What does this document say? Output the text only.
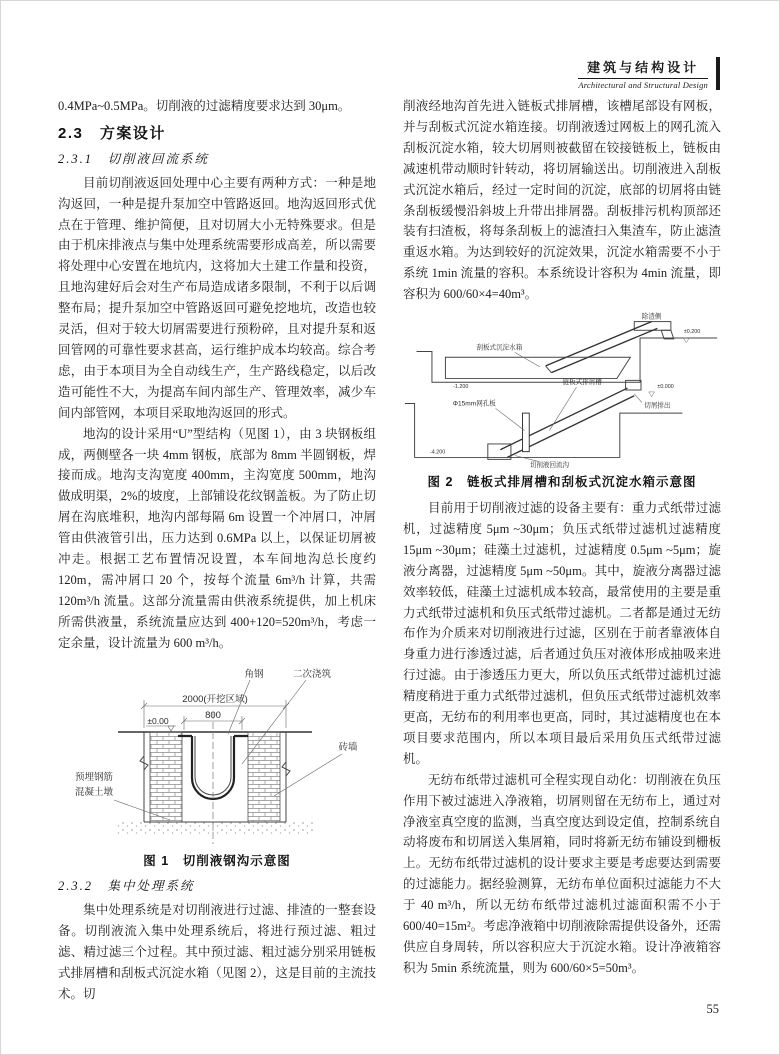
建筑与结构设计
Architectural and Structural Design

0.4MPa~0.5MPa。切削液的过滤精度要求达到 30μm。

2.3　方案设计
2.3.1　切削液回流系统

目前切削液返回处理中心主要有两种方式：一种是地沟返回，一种是提升泵加空中管路返回。地沟返回形式优点在于管理、维护简便，且对切屑大小无特殊要求。但是由于机床排液点与集中处理系统需要形成高差，所以需要将处理中心安置在地坑内，这将加大土建工作量和投资，且地沟建好后会对生产布局造成诸多限制，不利于以后调整布局；提升泵加空中管路返回可避免挖地坑，改造也较灵活，但对于较大切屑需要进行预粉碎，且对提升泵和返回管网的可靠性要求甚高，运行维护成本均较高。综合考虑，由于本项目为全自动线生产，生产路线稳定，以后改造可能性不大，为提高车间内部生产、管理效率，减少车间内部管网，本项目采取地沟返回的形式。

地沟的设计采用“U”型结构（见图 1），由 3 块钢板组成，两侧壁各一块 4mm 钢板，底部为 8mm 半圆钢板，焊接而成。地沟支沟宽度 400mm，主沟宽度 500mm，地沟做成明渠，2%的坡度，上部铺设花纹钢盖板。为了防止切屑在沟底堆积，地沟内部每隔 6m 设置一个冲屑口，冲屑管由供液管引出，压力达到 0.6MPa 以上，以保证切屑被冲走。根据工艺布置情况设置，本车间地沟总长度约 120m，需冲屑口 20 个，按每个流量 6m³/h 计算，共需 120m³/h 流量。这部分流量需由供液系统提供，加上机床所需供液量，系统流量应达到 400+120=520m³/h，考虑一定余量，设计流量为 600 m³/h。

2000(开挖区域)
800
±0.00
角钢	二次浇筑
砖墙
预埋钢筋
混凝土墩
图 1　切削液钢沟示意图
2.3.2　集中处理系统

集中处理系统是对切削液进行过滤、排渣的一整套设备。切削液流入集中处理系统后，将进行预过滤、粗过滤、精过滤三个过程。其中预过滤、粗过滤分别采用链板式排屑槽和刮板式沉淀水箱（见图 2），这是目前的主流技术。切

削液经地沟首先进入链板式排屑槽，该槽尾部设有网板，并与刮板式沉淀水箱连接。切削液透过网板上的网孔流入刮板沉淀水箱，较大切屑则被截留在铰接链板上，链板由减速机带动顺时针转动，将切屑输送出。切削液进入刮板式沉淀水箱后，经过一定时间的沉淀，底部的切屑将由链条刮板缓慢沿斜坡上升带出排屑器。刮板排污机构顶部还装有扫渣板，将每条刮板上的滤渣扫入集渣车，防止滤渣重返水箱。为达到较好的沉淀效果，沉淀水箱需要不小于系统 1min 流量的容积。本系统设计容积为 4min 流量，即容积为 600/60×4=40m³。

除渣侧
±0.200
-1.200
刮板式沉淀水箱
±0.000
切屑排出
Φ15mm网孔板
链板式排屑槽
切削液回流沟
-4.200
图 2　链板式排屑槽和刮板式沉淀水箱示意图

目前用于切削液过滤的设备主要有：重力式纸带过滤机，过滤精度 5μm ~30μm；负压式纸带过滤机过滤精度 15μm ~30μm；硅藻土过滤机，过滤精度 0.5μm ~5μm；旋液分离器，过滤精度 5μm ~50μm。其中，旋液分离器过滤效率较低，硅藻土过滤机成本较高，最常使用的主要是重力式纸带过滤机和负压式纸带过滤机。二者都是通过无纺布作为介质来对切削液进行过滤，区别在于前者靠液体自身重力进行渗透过滤，后者通过负压对液体形成抽吸来进行过滤。由于渗透压力更大，所以负压式纸带过滤机过滤精度稍进于重力式纸带过滤机，但负压式纸带过滤机效率更高，无纺布的利用率也更高，同时，其过滤精度也在本项目要求范围内，所以本项目最后采用负压式纸带过滤机。

无纺布纸带过滤机可全程实现自动化：切削液在负压作用下被过滤进入净液箱，切屑则留在无纺布上，通过对净液室真空度的监测，当真空度达到设定值，控制系统自动将废布和切屑送入集屑箱，同时将新无纺布铺设到栅板上。无纺布纸带过滤机的设计要求主要是考虑要达到需要的过滤能力。据经验测算，无纺布单位面积过滤能力不大于 40 m³/h，所以无纺布纸带过滤机过滤面积需不小于 600/40=15m²。考虑净液箱中切削液除需提供设备外，还需供应自身周转，所以容积应大于沉淀水箱。设计净液箱容积为 5min 系统流量，则为 600/60×5=50m³。

55
